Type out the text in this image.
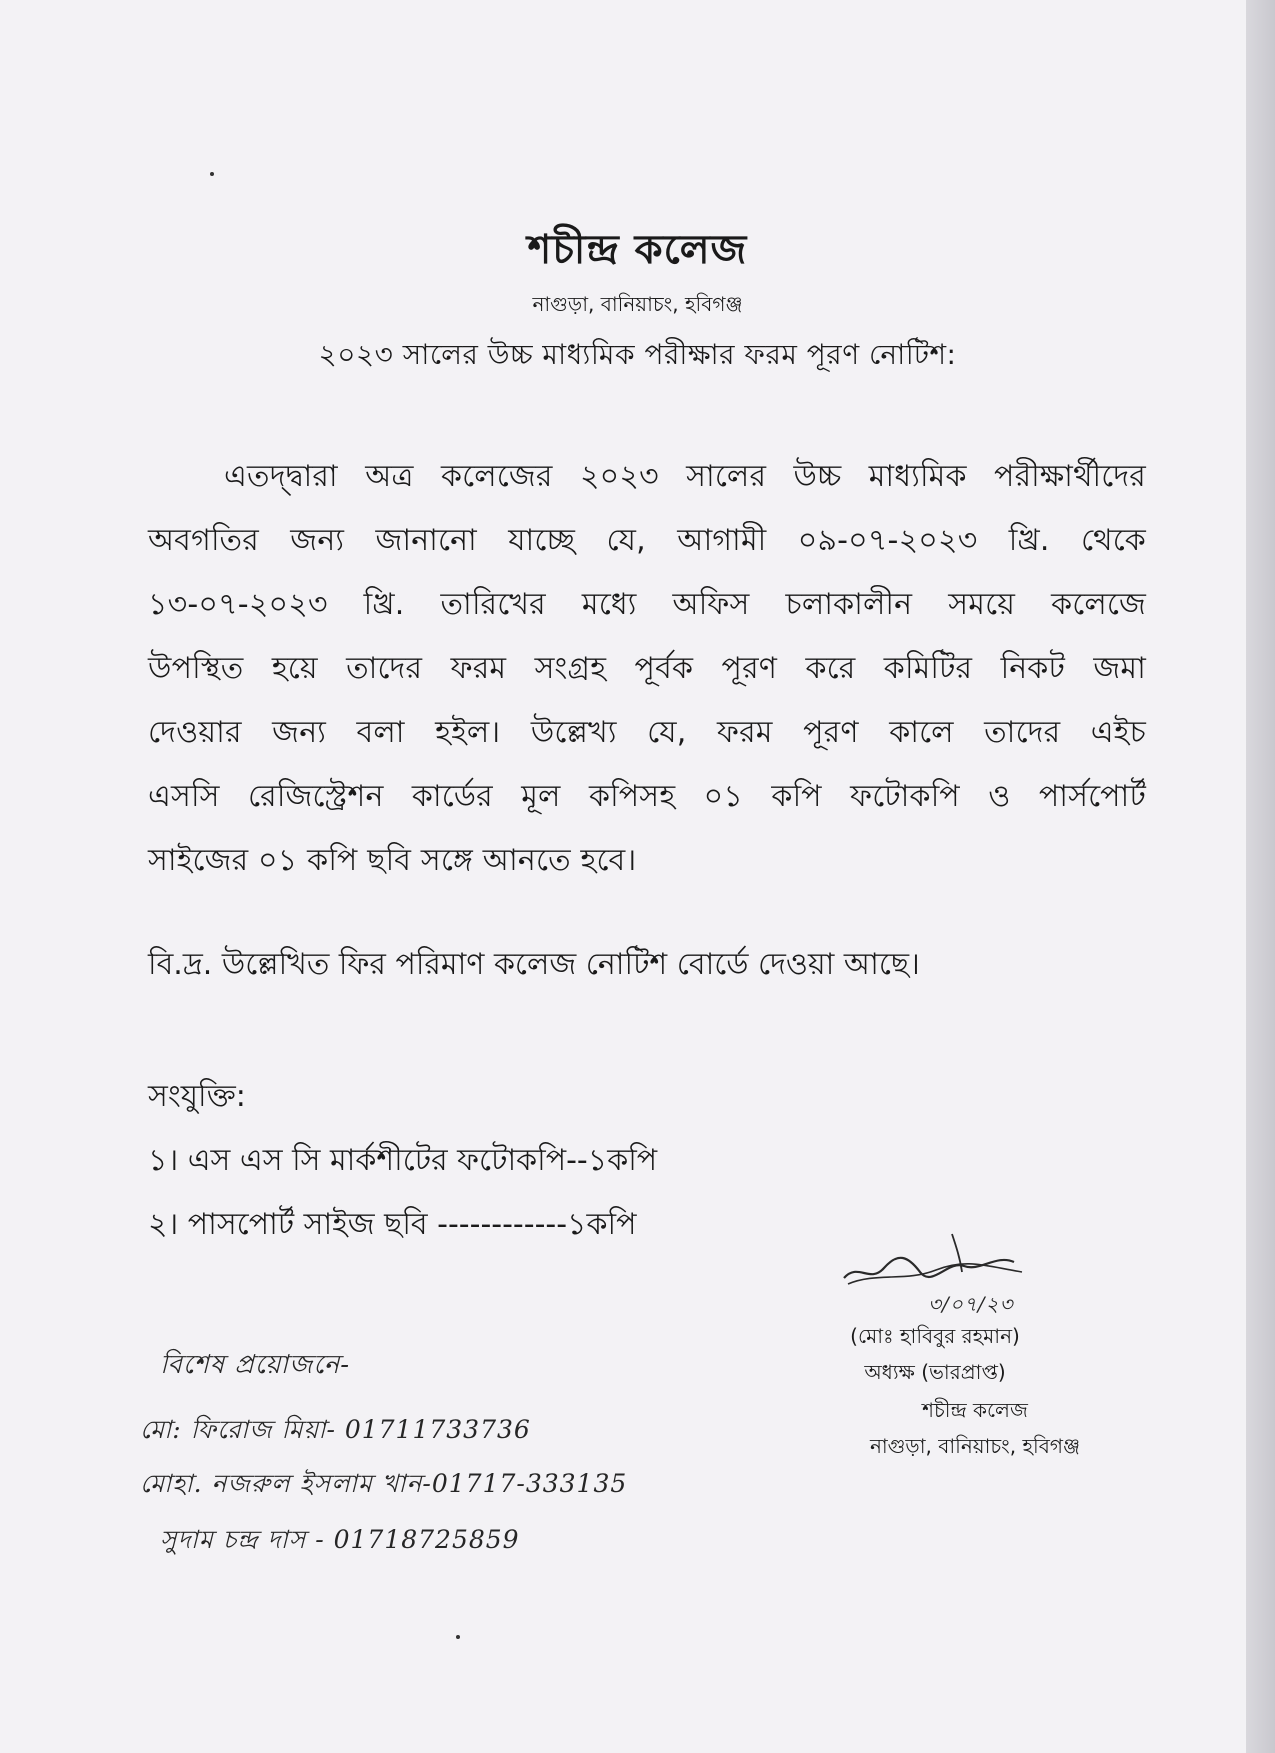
শচীন্দ্র কলেজ
নাগুড়া, বানিয়াচং, হবিগঞ্জ
২০২৩ সালের উচ্চ মাধ্যমিক পরীক্ষার ফরম পূরণ নোটিশ:
এতদ্দ্বারা অত্র কলেজের ২০২৩ সালের উচ্চ মাধ্যমিক পরীক্ষার্থীদের
অবগতির জন্য জানানো যাচ্ছে যে, আগামী ০৯-০৭-২০২৩ খ্রি. থেকে
১৩-০৭-২০২৩ খ্রি. তারিখের মধ্যে অফিস চলাকালীন সময়ে কলেজে
উপস্থিত হয়ে তাদের ফরম সংগ্রহ পূর্বক পূরণ করে কমিটির নিকট জমা
দেওয়ার জন্য বলা হইল। উল্লেখ্য যে, ফরম পূরণ কালে তাদের এইচ
এসসি রেজিস্ট্রেশন কার্ডের মূল কপিসহ ০১ কপি ফটোকপি ও পার্সপোর্ট
সাইজের ০১ কপি ছবি সঙ্গে আনতে হবে।
বি.দ্র. উল্লেখিত ফির পরিমাণ কলেজ নোটিশ বোর্ডে দেওয়া আছে।
সংযুক্তি:
১। এস এস সি মার্কশীটের ফটোকপি--১কপি
২। পাসপোর্ট সাইজ ছবি ------------১কপি
৩/০৭/২৩
(মোঃ হাবিবুর রহমান)
অধ্যক্ষ (ভারপ্রাপ্ত)
শচীন্দ্র কলেজ
নাগুড়া, বানিয়াচং, হবিগঞ্জ
বিশেষ প্রয়োজনে-
মো: ফিরোজ মিয়া- 01711733736
মোহা. নজরুল ইসলাম খান-01717-333135
সুদাম চন্দ্র দাস - 01718725859
